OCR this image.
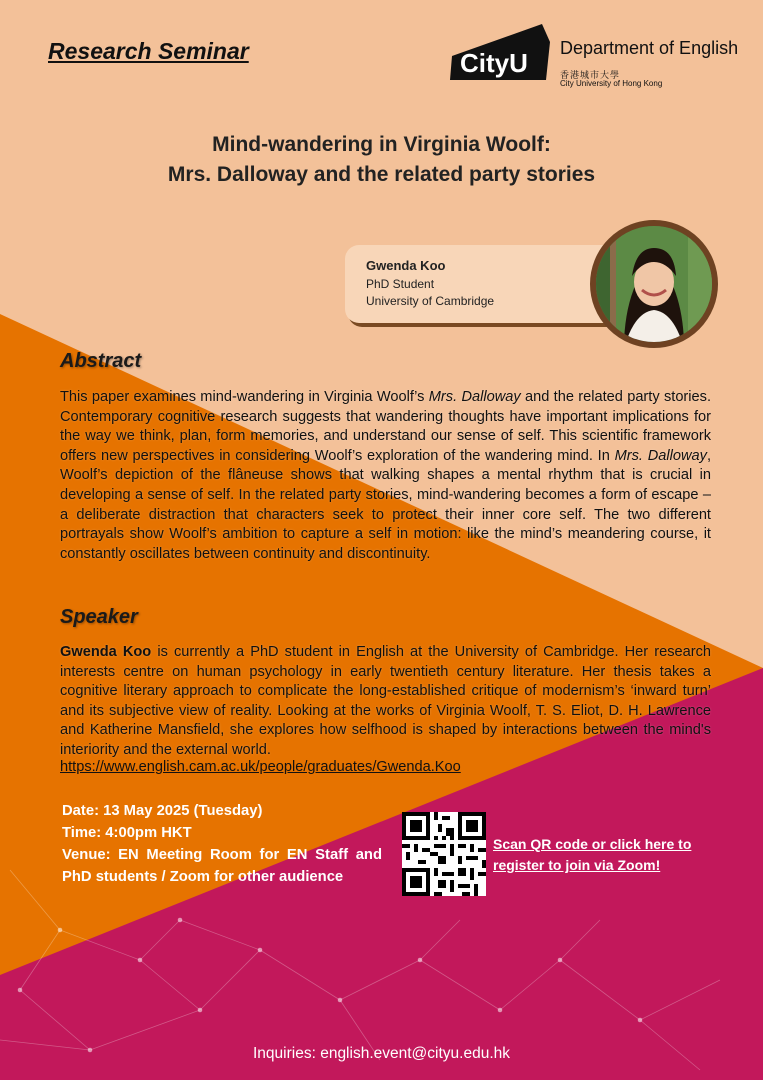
Research Seminar	CityU Department of English
香港城市大學
City University of Hong Kong
Mind-wandering in Virginia Woolf:
Mrs. Dalloway and the related party stories
Gwenda Koo
PhD Student
University of Cambridge
Abstract
This paper examines mind-wandering in Virginia Woolf’s Mrs. Dalloway and the related party stories. Contemporary cognitive research suggests that wandering thoughts have important implications for the way we think, plan, form memories, and understand our sense of self. This scientific framework offers new perspectives in considering Woolf’s exploration of the wandering mind. In Mrs. Dalloway, Woolf’s depiction of the flâneuse shows that walking shapes a mental rhythm that is crucial in developing a sense of self. In the related party stories, mind-wandering becomes a form of escape – a deliberate distraction that characters seek to protect their inner core self. The two different portrayals show Woolf’s ambition to capture a self in motion: like the mind’s meandering course, it constantly oscillates between continuity and discontinuity.
Speaker
Gwenda Koo is currently a PhD student in English at the University of Cambridge. Her research interests centre on human psychology in early twentieth century literature. Her thesis takes a cognitive literary approach to complicate the long-established critique of modernism’s ‘inward turn’ and its subjective view of reality. Looking at the works of Virginia Woolf, T. S. Eliot, D. H. Lawrence and Katherine Mansfield, she explores how selfhood is shaped by interactions between the mind's interiority and the external world.
https://www.english.cam.ac.uk/people/graduates/Gwenda.Koo
Date: 13 May 2025 (Tuesday)
Time: 4:00pm HKT
Venue: EN Meeting Room for EN Staff and PhD students / Zoom for other audience
Scan QR code or click here to register to join via Zoom!
Inquiries: english.event@cityu.edu.hk
